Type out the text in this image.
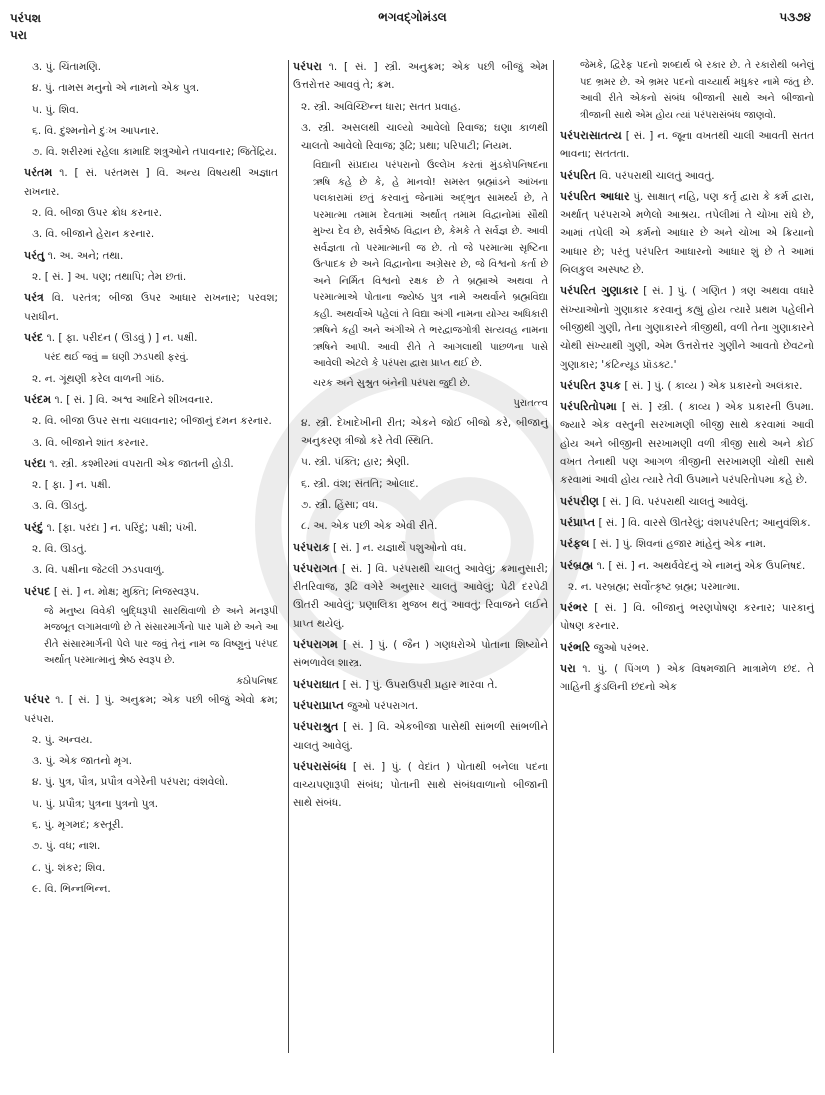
પરંપશ
પરા
ભગવદ્ગોમંડલ	૫૩૭૪
૩. પું. ચિંતામણિ.
૪. પું. તામસ મનુનો એ નામનો એક પુત્ર.
૫. પું. શિવ.
૬. વિ. દુશ્મનોને દુઃખ આપનાર.
૭. વિ. શરીરમાં રહેલા કામાદિ શત્રુઓને તપાવનાર; જિતેંદ્રિય.
પરંતમ ૧. [ સં. પરંતમસ ] વિ. અન્ય વિષયથી અજ્ઞાત રાખનાર.
૨. વિ. બીજા ઉપર ક્રોધ કરનાર.
૩. વિ. બીજાને હેરાન કરનાર.
પરંતુ ૧. અ. અને; તથા.
૨. [ સં. ] અ. પણ; તથાપિ; તેમ છતાં.
પરંત્ર વિ. પરતંત્ર; બીજા ઉપર આધાર રાખનાર; પરવશ; પરાધીન.
પરંદ ૧. [ ફા. પરીદન ( ઊડવું ) ] ન. પક્ષી.
પરંદ થઈ જવું = ઘણી ઝડપથી ફરવું.
૨. ન. ગૂંથણી કરેલ વાળની ગાંઠ.
પરંદમ ૧. [ સં. ] વિ. અશ્વ આદિને શીખવનાર.
૨. વિ. બીજા ઉપર સત્તા ચલાવનાર; બીજાનું દમન કરનાર.
૩. વિ. બીજાને શાંત કરનાર.
પરંદા ૧. સ્ત્રી. કશ્મીરમાં વપરાતી એક જાતની હોડી.
૨. [ ફા. ] ન. પક્ષી.
૩. વિ. ઊડતું.
પરંદું ૧. [ફા. પરંદા ] ન. પરિંદું; પક્ષી; પંખી.
૨. વિ. ઊડતું.
૩. વિ. પક્ષીના જેટલી ઝડપવાળું.
પરંપદ [ સં. ] ન. મોક્ષ; મુક્તિ; નિજસ્વરૂપ.
જે મનુષ્ય વિવેકી બુદ્ધિરૂપી સારથિવાળો છે અને મનરૂપી મજબૂત લગામવાળો છે તે સંસારમાર્ગનો પાર પામે છે અને આ રીતે સંસારમાર્ગની પેલે પાર જવું તેનું નામ જ વિષ્ણુનું પરંપદ અર્થાત્ પરમાત્માનું શ્રેષ્ઠ સ્વરૂપ છે.
કઠોપનિષદ
પરંપર ૧. [ સં. ] પું. અનુક્રમ; એક પછી બીજું એવો ક્રમ; પરંપરા.
૨. પું. અન્વય.
૩. પું. એક જાતનો મૃગ.
૪. પું. પુત્ર, પૌત્ર, પ્રપૌત્ર વગેરેની પરંપરા; વંશવેલો.
૫. પું. પ્રપૌત્ર; પુત્રના પુત્રનો પુત્ર.
૬. પું. મૃગમદ; કસ્તૂરી.
૭. પું. વધ; નાશ.
૮. પું. શંકર; શિવ.
૯. વિ. ભિન્નભિન્ન.
પરંપરા ૧. [ સં. ] સ્ત્રી. અનુક્રમ; એક પછી બીજું એમ ઉત્તરોત્તર આવવું તે; ક્રમ.
૨. સ્ત્રી. અવિચ્છિન્ન ધારા; સતત પ્રવાહ.
૩. સ્ત્રી. અસલથી ચાલ્યો આવેલો રિવાજ; ઘણા કાળથી ચાલતો આવેલો રિવાજ; રૂઢિ; પ્રથા; પરિપાટી; નિયમ.
વિદ્યાની સંપ્રદાય પરંપરાનો ઉલ્લેખ કરતાં મુંડકોપનિષદના ઋષિ કહે છે કે, હે માનવો! સમસ્ત બ્રહ્માંડને આંખના પલકારામાં છતું કરવાનું જેનામાં અદ્ભુત સામર્થ્ય છે, તે પરમાત્મા તમામ દેવતામાં અર્થાત્ તમામ વિદ્વાનોમાં સૌથી મુખ્ય દેવ છે, સર્વશ્રેષ્ઠ વિદ્વાન છે, કેમકે તે સર્વજ્ઞ છે. આવી સર્વજ્ઞતા તો પરમાત્માની જ છે. તો જે પરમાત્મા સૃષ્ટિના ઉત્પાદક છે અને વિદ્વાનોના અગ્રેસર છે, જે વિશ્વનો કર્તા છે અને નિર્મિત વિશ્વનો રક્ષક છે તે બ્રહ્માએ અથવા તે પરમાત્માએ પોતાના જ્યેષ્ઠ પુત્ર નામે અથર્વાને બ્રહ્મવિદ્યા કહી. અથર્વાએ પહેલાં તે વિદ્યા અંગી નામના યોગ્ય અધિકારી ઋષિને કહી અને અંગીએ તે ભરદ્વાજગોત્રી સત્યવહ નામના ઋષિને આપી. આવી રીતે તે આગલાથી પાછળના પાસે આવેલી એટલે કે પરંપરા દ્વારા પ્રાપ્ત થઈ છે.
ચરક અને સુશ્રુત બંનેની પરંપરા જુદી છે.
પુરાતત્ત્વ
૪. સ્ત્રી. દેખાદેખીની રીત; એકને જોઈ બીજો કરે, બીજાનું અનુકરણ ત્રીજો કરે તેવી સ્થિતિ.
૫. સ્ત્રી. પંક્તિ; હાર; શ્રેણી.
૬. સ્ત્રી. વંશ; સંતતિ; ઓલાદ.
૭. સ્ત્રી. હિંસા; વધ.
૮. અ. એક પછી એક એવી રીતે.
પરંપરાક [ સં. ] ન. યજ્ઞાર્થે પશુઓનો વધ.
પરંપરાગત [ સં. ] વિ. પરંપરાથી ચાલતું આવેલું; ક્રમાનુસારી; રીતરિવાજ, રૂઢિ વગેરે અનુસાર ચાલતું આવેલું; પેઢી દરપેઢી ઊતરી આવેલું; પ્રણાલિકા મુજબ થતું આવતું; રિવાજને લઈને પ્રાપ્ત થયેલું.
પરંપરાગમ [ સં. ] પું. ( જૈન ) ગણધરોએ પોતાના શિષ્યોને સંભળાવેલ શાસ્ત્ર.
પરંપરાઘાત [ સં. ] પું. ઉપરાઉપરી પ્રહાર મારવા તે.
પરંપરાપ્રાપ્ત જુઓ પરંપરાગત.
પરંપરાશ્રુત [ સં. ] વિ. એકબીજા પાસેથી સાંભળી સાંભળીને ચાલતું આવેલું.
પરંપરાસંબંધ [ સં. ] પું. ( વેદાંત ) પોતાથી બનેલા પદના વાચ્યપણારૂપી સંબંધ; પોતાની સાથે સંબંધવાળાનો બીજાની સાથે સંબંધ.
જેમકે, દ્વિરેફ પદનો શબ્દાર્થ બે રકાર છે. તે રકારોથી બનેલું પદ ભ્રમર છે. એ ભ્રમર પદનો વાચ્યાર્થ મધુકર નામે જંતુ છે. આવી રીતે એકનો સંબંધ બીજાની સાથે અને બીજાનો ત્રીજાની સાથે એમ હોય ત્યાં પરંપરાસંબંધ જાણવો.
પરંપરાસાતત્ય [ સં. ] ન. જૂના વખતથી ચાલી આવતી સતત ભાવના; સતતતા.
પરંપરિત વિ. પરંપરાથી ચાલતું આવતું.
પરંપરિત આધાર પું. સાક્ષાત્ નહિ, પણ કર્તૃ દ્વારા કે કર્મ દ્વારા, અર્થાત્ પરંપરાએ મળેલો આશ્રય. તપેલીમાં તે ચોખા રાંધે છે, આમાં તપેલી એ કર્મનો આધાર છે અને ચોખા એ ક્રિયાનો આધાર છે; પરંતુ પરંપરિત આધારનો આધાર શું છે તે આમાં બિલકુલ અસ્પષ્ટ છે.
પરંપરિત ગુણાકાર [ સં. ] પું. ( ગણિત ) ત્રણ અથવા વધારે સંખ્યાઓનો ગુણાકાર કરવાનું કહ્યું હોય ત્યારે પ્રથમ પહેલીને બીજીથી ગુણી, તેના ગુણાકારને ત્રીજીથી, વળી તેના ગુણાકારને ચોથી સંખ્યાથી ગુણી, એમ ઉત્તરોત્તર ગુણીને આવતો છેવટનો ગુણાકાર; 'કંટિન્યૂડ પ્રૉડક્ટ.'
પરંપરિત રૂપક [ સં. ] પું. ( કાવ્ય ) એક પ્રકારનો અલંકાર.
પરંપરિતોપમા [ સં. ] સ્ત્રી. ( કાવ્ય ) એક પ્રકારની ઉપમા. જ્યારે એક વસ્તુની સરખામણી બીજી સાથે કરવામાં આવી હોય અને બીજીની સરખામણી વળી ત્રીજી સાથે અને કોઈ વખત તેનાથી પણ આગળ ત્રીજીની સરખામણી ચોથી સાથે કરવામાં આવી હોય ત્યારે તેવી ઉપમાને પરંપરિતોપમા કહે છે.
પરંપરીણ [ સં. ] વિ. પરંપરાથી ચાલતું આવેલું.
પરંપ્રાપ્ત [ સં. ] વિ. વારસે ઊતરેલું; વંશપરંપરિત; આનુવંશિક.
પરંફલ [ સં. ] પું. શિવનાં હજાર માંહેનું એક નામ.
પરંબ્રહ્મ ૧. [ સં. ] ન. અથર્વવેદનું એ નામનું એક ઉપનિષદ.
૨. ન. પરબ્રહ્મ; સર્વોત્કૃષ્ટ બ્રહ્મ; પરમાત્મા.
પરંભર [ સં. ] વિ. બીજાનું ભરણપોષણ કરનાર; પારકાનું પોષણ કરનાર.
પરંભરિ જુઓ પરંભર.
પરા ૧. પું. ( પિંગળ ) એક વિષમજાતિ માત્રામેળ છંદ. તે ગાહિની કુંડલિની છંદનો એક
